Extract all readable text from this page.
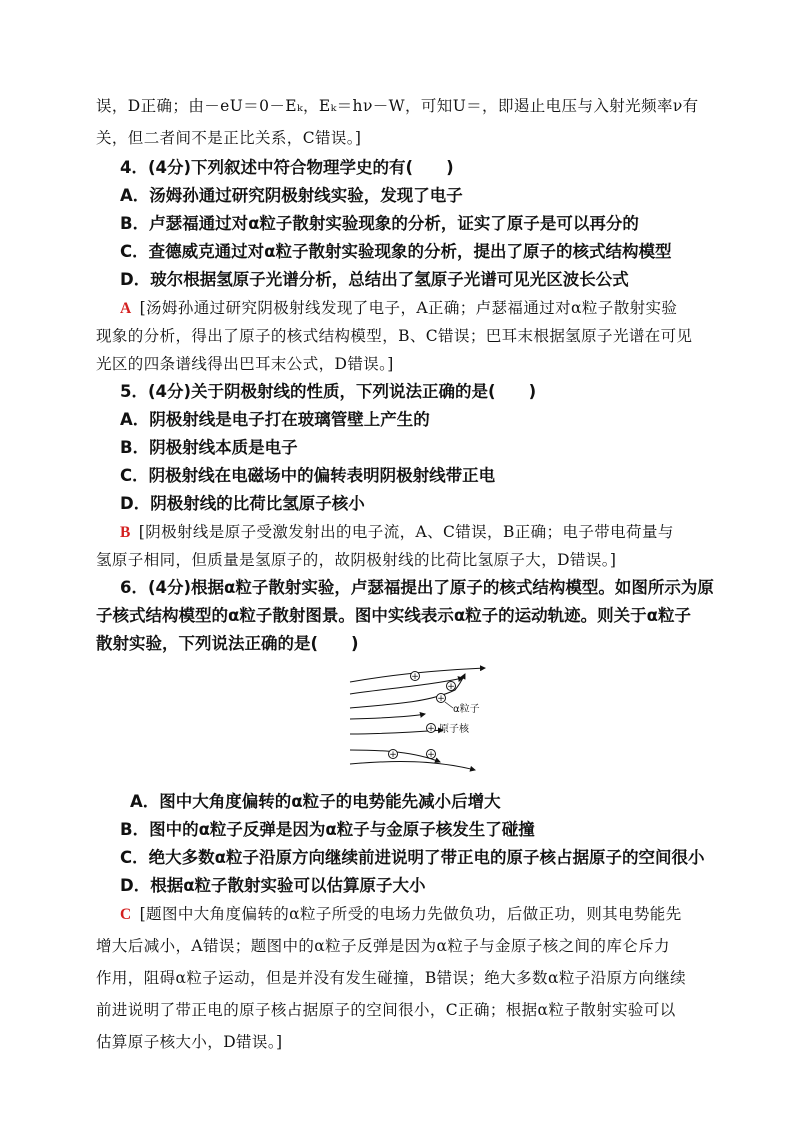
误，D正确；由－eU＝0－Eₖ，Eₖ＝hν－W，可知U＝，即遏止电压与入射光频率ν有
关，但二者间不是正比关系，C错误。]
4．(4分)下列叙述中符合物理学史的有(　　)
A．汤姆孙通过研究阴极射线实验，发现了电子
B．卢瑟福通过对α粒子散射实验现象的分析，证实了原子是可以再分的
C．查德威克通过对α粒子散射实验现象的分析，提出了原子的核式结构模型
D．玻尔根据氢原子光谱分析，总结出了氢原子光谱可见光区波长公式
A [汤姆孙通过研究阴极射线发现了电子，A正确；卢瑟福通过对α粒子散射实验
现象的分析，得出了原子的核式结构模型，B、C错误；巴耳末根据氢原子光谱在可见
光区的四条谱线得出巴耳末公式，D错误。]
5．(4分)关于阴极射线的性质，下列说法正确的是(　　)
A．阴极射线是电子打在玻璃管壁上产生的
B．阴极射线本质是电子
C．阴极射线在电磁场中的偏转表明阴极射线带正电
D．阴极射线的比荷比氢原子核小
B [阴极射线是原子受激发射出的电子流，A、C错误，B正确；电子带电荷量与
氢原子相同，但质量是氢原子的，故阴极射线的比荷比氢原子大，D错误。]
6．(4分)根据α粒子散射实验，卢瑟福提出了原子的核式结构模型。如图所示为原
子核式结构模型的α粒子散射图景。图中实线表示α粒子的运动轨迹。则关于α粒子
散射实验，下列说法正确的是(　　)
+
+
+
+
+	+
α粒子
原子核
A．图中大角度偏转的α粒子的电势能先减小后增大
B．图中的α粒子反弹是因为α粒子与金原子核发生了碰撞
C．绝大多数α粒子沿原方向继续前进说明了带正电的原子核占据原子的空间很小
D．根据α粒子散射实验可以估算原子大小
C [题图中大角度偏转的α粒子所受的电场力先做负功，后做正功，则其电势能先
增大后减小，A错误；题图中的α粒子反弹是因为α粒子与金原子核之间的库仑斥力
作用，阻碍α粒子运动，但是并没有发生碰撞，B错误；绝大多数α粒子沿原方向继续
前进说明了带正电的原子核占据原子的空间很小，C正确；根据α粒子散射实验可以
估算原子核大小，D错误。]
